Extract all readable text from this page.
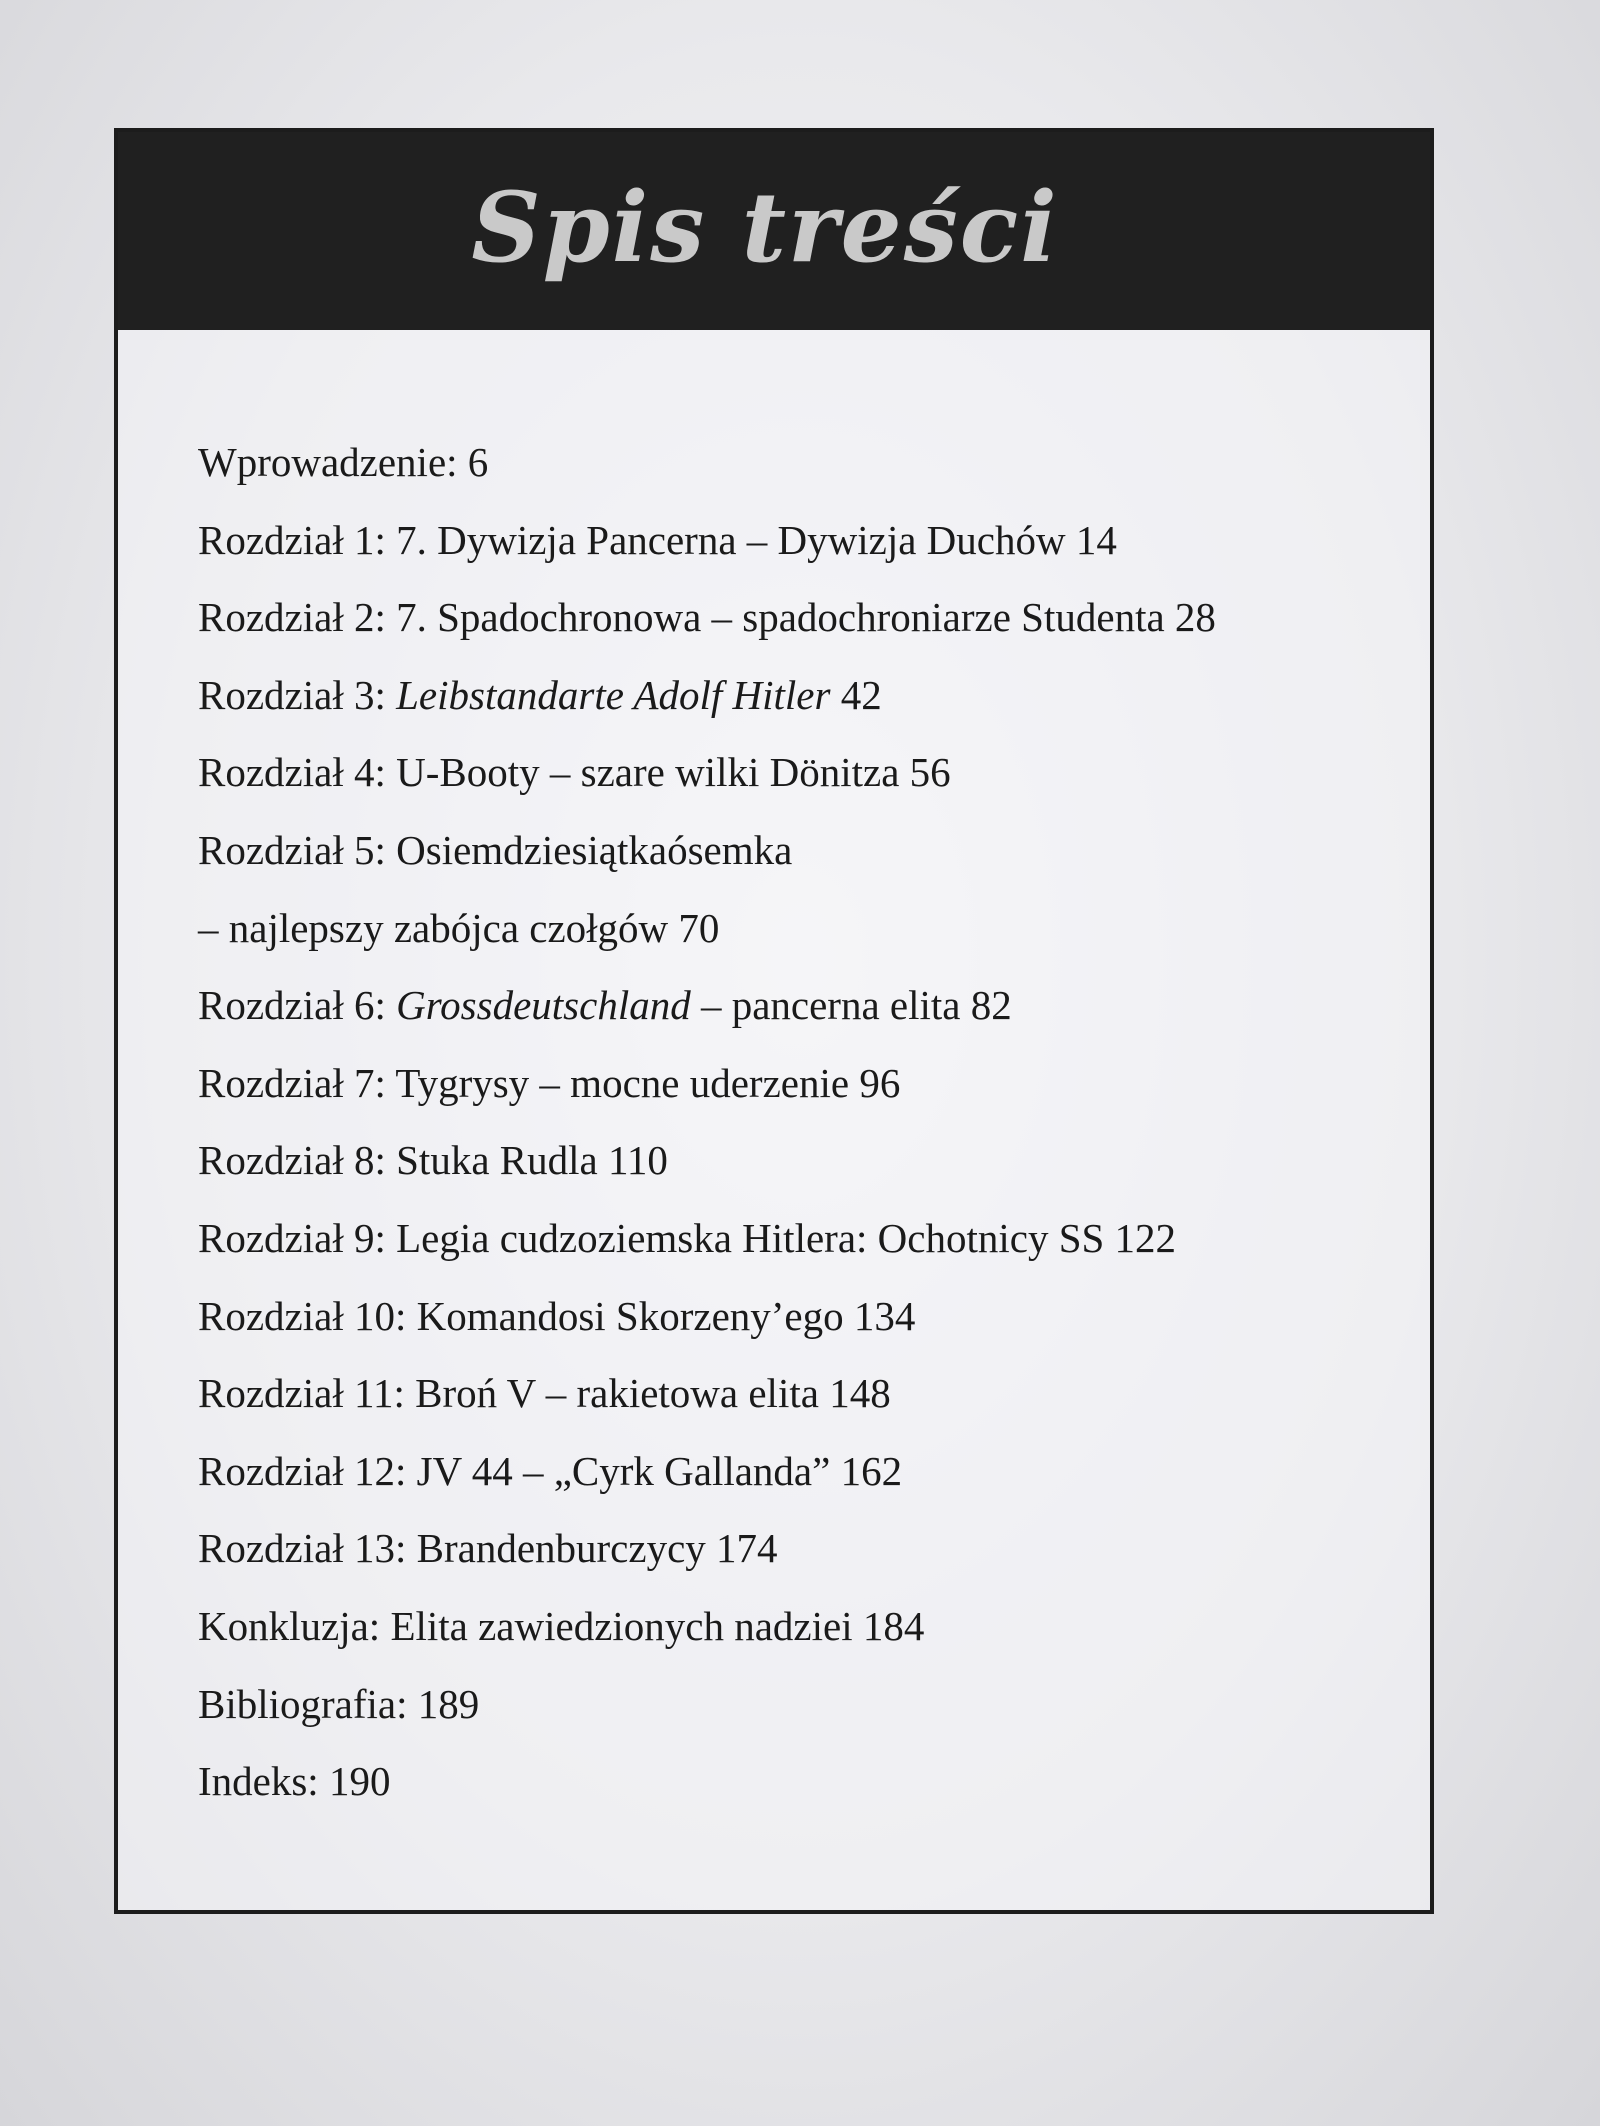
Spis treści
Wprowadzenie: 6
Rozdział 1: 7. Dywizja Pancerna – Dywizja Duchów 14
Rozdział 2: 7. Spadochronowa – spadochroniarze Studenta 28
Rozdział 3: Leibstandarte Adolf Hitler 42
Rozdział 4: U-Booty – szare wilki Dönitza 56
Rozdział 5: Osiemdziesiątkaósemka
– najlepszy zabójca czołgów 70
Rozdział 6: Grossdeutschland – pancerna elita 82
Rozdział 7: Tygrysy – mocne uderzenie 96
Rozdział 8: Stuka Rudla 110
Rozdział 9: Legia cudzoziemska Hitlera: Ochotnicy SS 122
Rozdział 10: Komandosi Skorzeny’ego 134
Rozdział 11: Broń V – rakietowa elita 148
Rozdział 12: JV 44 – „Cyrk Gallanda” 162
Rozdział 13: Brandenburczycy 174
Konkluzja: Elita zawiedzionych nadziei 184
Bibliografia: 189
Indeks: 190
